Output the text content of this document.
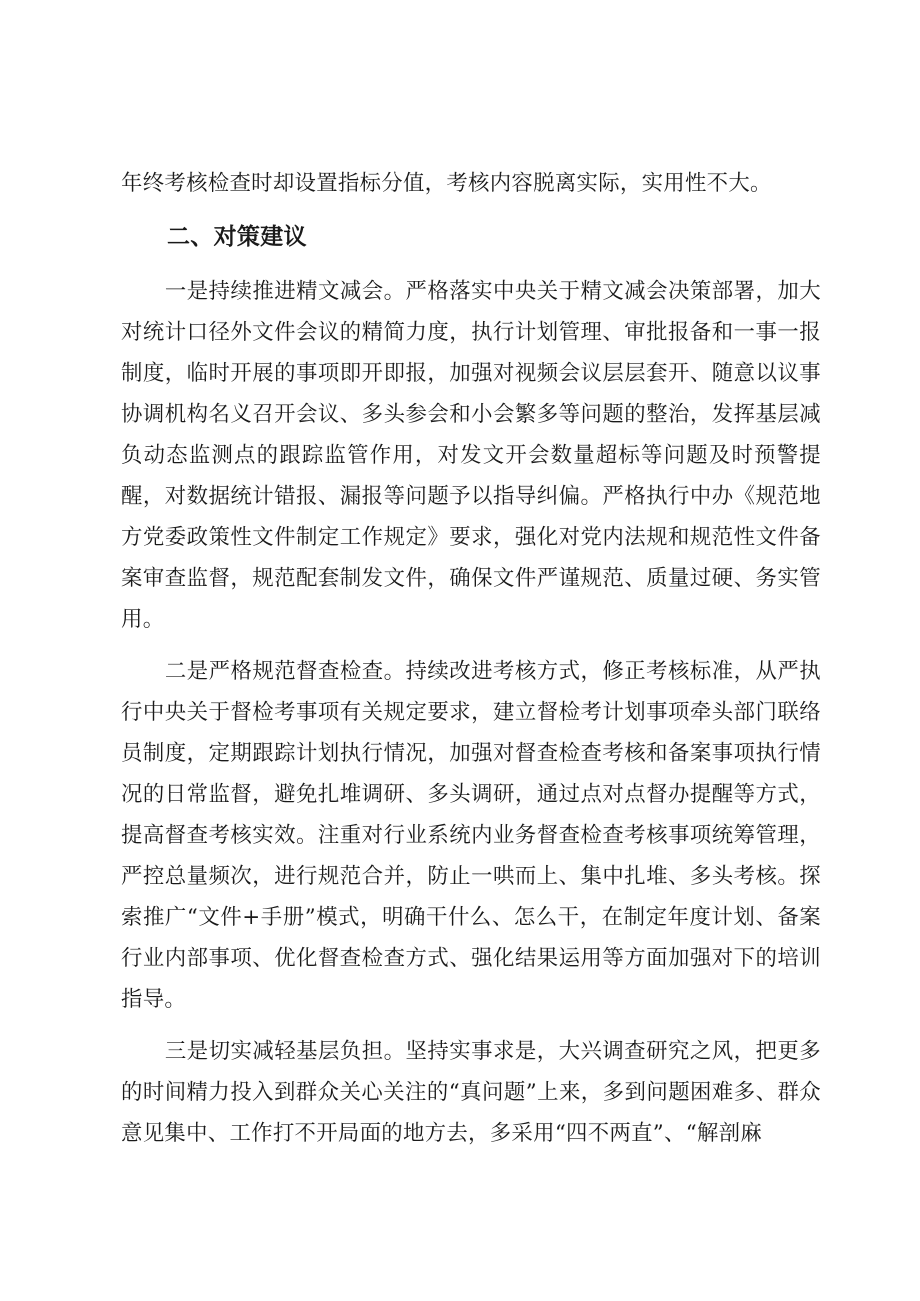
年终考核检查时却设置指标分值，考核内容脱离实际，实用性不大。

二、对策建议

一是持续推进精文减会。严格落实中央关于精文减会决策部署，加大对统计口径外文件会议的精简力度，执行计划管理、审批报备和一事一报制度，临时开展的事项即开即报，加强对视频会议层层套开、随意以议事协调机构名义召开会议、多头参会和小会繁多等问题的整治，发挥基层减负动态监测点的跟踪监管作用，对发文开会数量超标等问题及时预警提醒，对数据统计错报、漏报等问题予以指导纠偏。严格执行中办《规范地方党委政策性文件制定工作规定》要求，强化对党内法规和规范性文件备案审查监督，规范配套制发文件，确保文件严谨规范、质量过硬、务实管用。

二是严格规范督查检查。持续改进考核方式，修正考核标准，从严执行中央关于督检考事项有关规定要求，建立督检考计划事项牵头部门联络员制度，定期跟踪计划执行情况，加强对督查检查考核和备案事项执行情况的日常监督，避免扎堆调研、多头调研，通过点对点督办提醒等方式，提高督查考核实效。注重对行业系统内业务督查检查考核事项统筹管理，严控总量频次，进行规范合并，防止一哄而上、集中扎堆、多头考核。探索推广“文件+手册”模式，明确干什么、怎么干，在制定年度计划、备案行业内部事项、优化督查检查方式、强化结果运用等方面加强对下的培训指导。

三是切实减轻基层负担。坚持实事求是，大兴调查研究之风，把更多的时间精力投入到群众关心关注的“真问题”上来，多到问题困难多、群众意见集中、工作打不开局面的地方去，多采用“四不两直”、“解剖麻
